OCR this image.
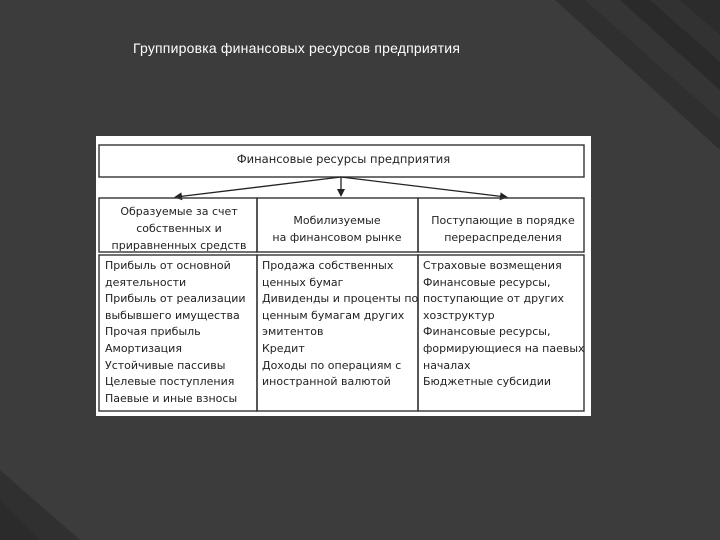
Группировка финансовых ресурсов предприятия
Финансовые ресурсы предприятия
Образуемые за счет
собственных и
приравненных средств
Мобилизуемые
на финансовом рынке
Поступающие в порядке
перераспределения
Прибыль от основной
деятельности
Прибыль от реализации
выбывшего имущества
Прочая прибыль
Амортизация
Устойчивые пассивы
Целевые поступления
Паевые и иные взносы
Продажа собственных
ценных бумаг
Дивиденды и проценты по
ценным бумагам других
эмитентов
Кредит
Доходы по операциям с
иностранной валютой
Страховые возмещения
Финансовые ресурсы,
поступающие от других
хозструктур
Финансовые ресурсы,
формирующиеся на паевых
началах
Бюджетные субсидии
